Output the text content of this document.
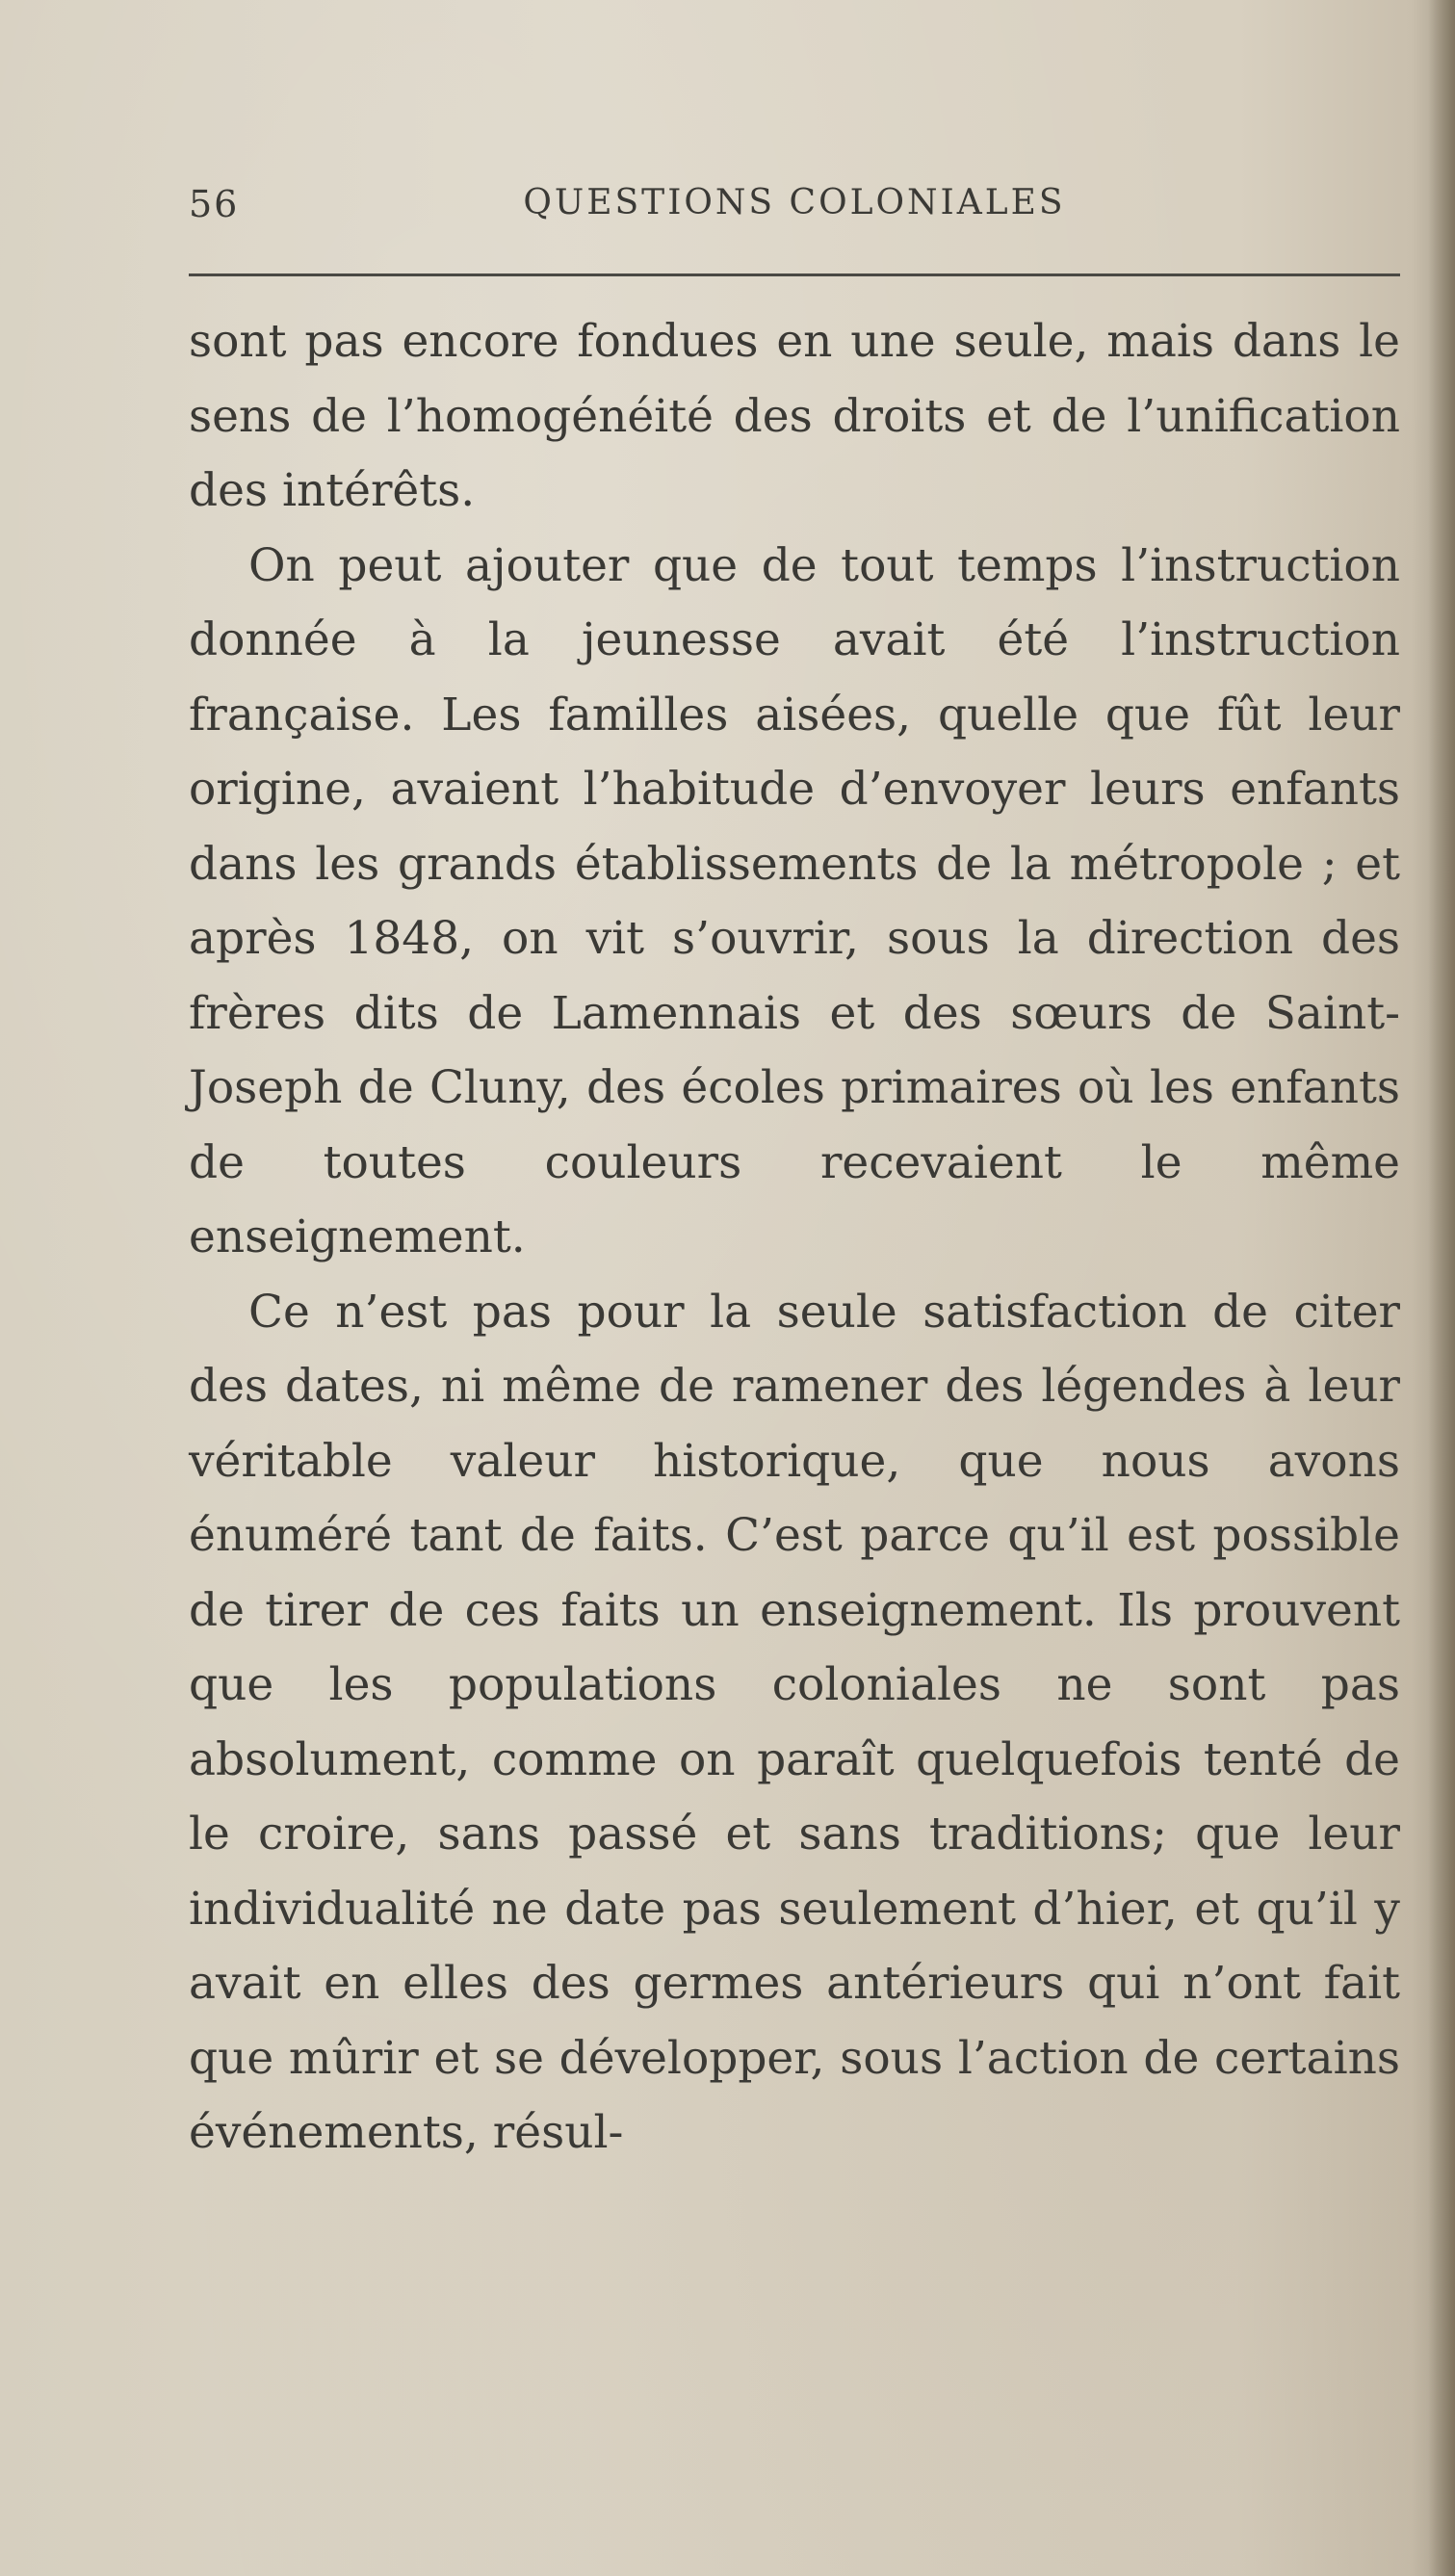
56	QUESTIONS COLONIALES

sont pas encore fondues en une seule, mais dans le sens de l’homogénéité des droits et de l’unification des intérêts.

On peut ajouter que de tout temps l’instruction donnée à la jeunesse avait été l’instruction française. Les familles aisées, quelle que fût leur origine, avaient l’habitude d’envoyer leurs enfants dans les grands établissements de la métropole ; et après 1848, on vit s’ouvrir, sous la direction des frères dits de Lamennais et des sœurs de Saint-Joseph de Cluny, des écoles primaires où les enfants de toutes couleurs recevaient le même enseignement.

Ce n’est pas pour la seule satisfaction de citer des dates, ni même de ramener des légendes à leur véritable valeur historique, que nous avons énuméré tant de faits. C’est parce qu’il est possible de tirer de ces faits un enseignement. Ils prouvent que les populations coloniales ne sont pas absolument, comme on paraît quelquefois tenté de le croire, sans passé et sans traditions; que leur individualité ne date pas seulement d’hier, et qu’il y avait en elles des germes antérieurs qui n’ont fait que mûrir et se développer, sous l’action de certains événements, résul-
